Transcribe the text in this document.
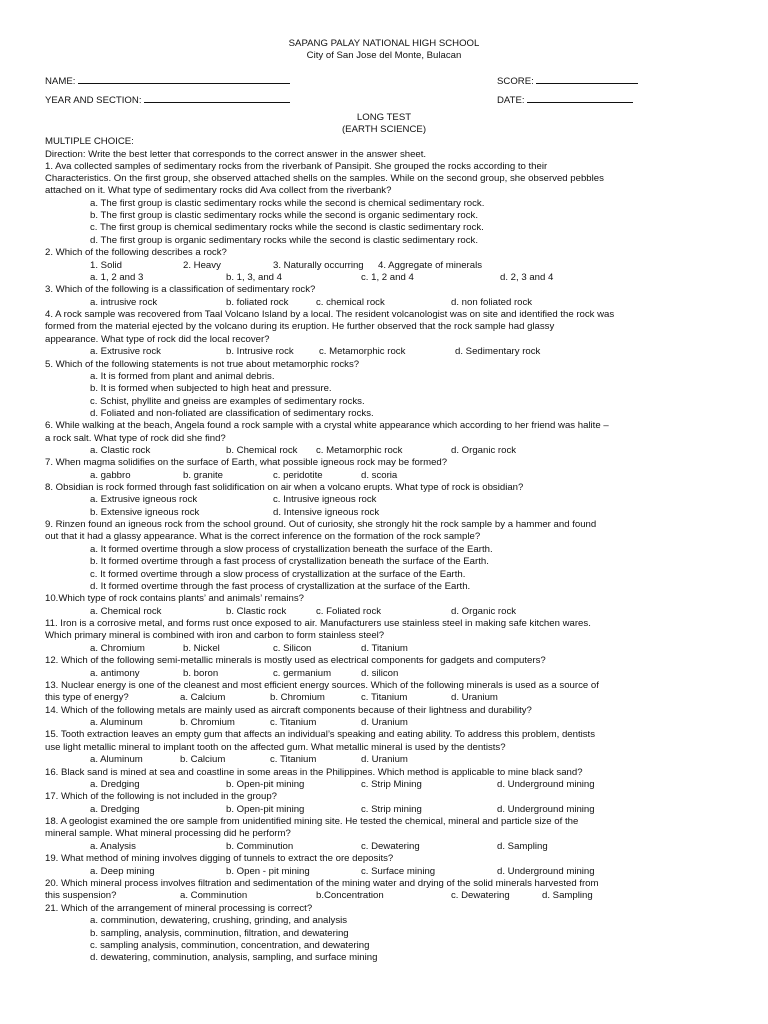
SAPANG PALAY NATIONAL HIGH SCHOOL
City of San Jose del Monte, Bulacan
NAME:	SCORE:
YEAR AND SECTION:	DATE:
LONG TEST
(EARTH SCIENCE)
MULTIPLE CHOICE:
Direction: Write the best letter that corresponds to the correct answer in the answer sheet.
1. Ava collected samples of sedimentary rocks from the riverbank of Pansipit. She grouped the rocks according to their
Characteristics. On the first group, she observed attached shells on the samples. While on the second group, she observed pebbles
attached on it. What type of sedimentary rocks did Ava collect from the riverbank?
a. The first group is clastic sedimentary rocks while the second is chemical sedimentary rock.
b. The first group is clastic sedimentary rocks while the second is organic sedimentary rock.
c. The first group is chemical sedimentary rocks while the second is clastic sedimentary rock.
d. The first group is organic sedimentary rocks while the second is clastic sedimentary rock.
2. Which of the following describes a rock?
1. Solid	2. Heavy	3. Naturally occurring 4. Aggregate of minerals
a. 1, 2 and 3	b. 1, 3, and 4	c. 1, 2 and 4	d. 2, 3 and 4
3. Which of the following is a classification of sedimentary rock?
a. intrusive rock	b. foliated rock	c. chemical rock	d. non foliated rock
4. A rock sample was recovered from Taal Volcano Island by a local. The resident volcanologist was on site and identified the rock was
formed from the material ejected by the volcano during its eruption. He further observed that the rock sample had glassy
appearance. What type of rock did the local recover?
a. Extrusive rock	b. Intrusive rock	c. Metamorphic rock	d. Sedimentary rock
5. Which of the following statements is not true about metamorphic rocks?
a. It is formed from plant and animal debris.
b. It is formed when subjected to high heat and pressure.
c. Schist, phyllite and gneiss are examples of sedimentary rocks.
d. Foliated and non-foliated are classification of sedimentary rocks.
6. While walking at the beach, Angela found a rock sample with a crystal white appearance which according to her friend was halite –
a rock salt. What type of rock did she find?
a. Clastic rock	b. Chemical rock c. Metamorphic rock	d. Organic rock
7. When magma solidifies on the surface of Earth, what possible igneous rock may be formed?
a. gabbro	b. granite	c. peridotite	d. scoria
8. Obsidian is rock formed through fast solidification on air when a volcano erupts. What type of rock is obsidian?
a. Extrusive igneous rock	c. Intrusive igneous rock
b. Extensive igneous rock	d. Intensive igneous rock
9. Rinzen found an igneous rock from the school ground. Out of curiosity, she strongly hit the rock sample by a hammer and found
out that it had a glassy appearance. What is the correct inference on the formation of the rock sample?
a. It formed overtime through a slow process of crystallization beneath the surface of the Earth.
b. It formed overtime through a fast process of crystallization beneath the surface of the Earth.
c. It formed overtime through a slow process of crystallization at the surface of the Earth.
d. It formed overtime through the fast process of crystallization at the surface of the Earth.
10.Which type of rock contains plants’ and animals’ remains?
a. Chemical rock	b. Clastic rock	c. Foliated rock	d. Organic rock
11. Iron is a corrosive metal, and forms rust once exposed to air. Manufacturers use stainless steel in making safe kitchen wares.
Which primary mineral is combined with iron and carbon to form stainless steel?
a. Chromium	b. Nickel	c. Silicon	d. Titanium
12. Which of the following semi-metallic minerals is mostly used as electrical components for gadgets and computers?
a. antimony	b. boron	c. germanium	d. silicon
13. Nuclear energy is one of the cleanest and most efficient energy sources. Which of the following minerals is used as a source of
this type of energy?	a. Calcium	b. Chromium	c. Titanium	d. Uranium
14. Which of the following metals are mainly used as aircraft components because of their lightness and durability?
a. Aluminum	b. Chromium	c. Titanium	d. Uranium
15. Tooth extraction leaves an empty gum that affects an individual’s speaking and eating ability. To address this problem, dentists
use light metallic mineral to implant tooth on the affected gum. What metallic mineral is used by the dentists?
a. Aluminum	b. Calcium	c. Titanium	d. Uranium
16. Black sand is mined at sea and coastline in some areas in the Philippines. Which method is applicable to mine black sand?
a. Dredging	b. Open-pit mining	c. Strip Mining	d. Underground mining
17. Which of the following is not included in the group?
a. Dredging	b. Open-pit mining	c. Strip mining	d. Underground mining
18. A geologist examined the ore sample from unidentified mining site. He tested the chemical, mineral and particle size of the
mineral sample. What mineral processing did he perform?
a. Analysis	b. Comminution	c. Dewatering	d. Sampling
19. What method of mining involves digging of tunnels to extract the ore deposits?
a. Deep mining	b. Open - pit mining	c. Surface mining	d. Underground mining
20. Which mineral process involves filtration and sedimentation of the mining water and drying of the solid minerals harvested from
this suspension?	a. Comminution	b.Concentration	c. Dewatering	d. Sampling
21. Which of the arrangement of mineral processing is correct?
a. comminution, dewatering, crushing, grinding, and analysis
b. sampling, analysis, comminution, filtration, and dewatering
c. sampling analysis, comminution, concentration, and dewatering
d. dewatering, comminution, analysis, sampling, and surface mining
